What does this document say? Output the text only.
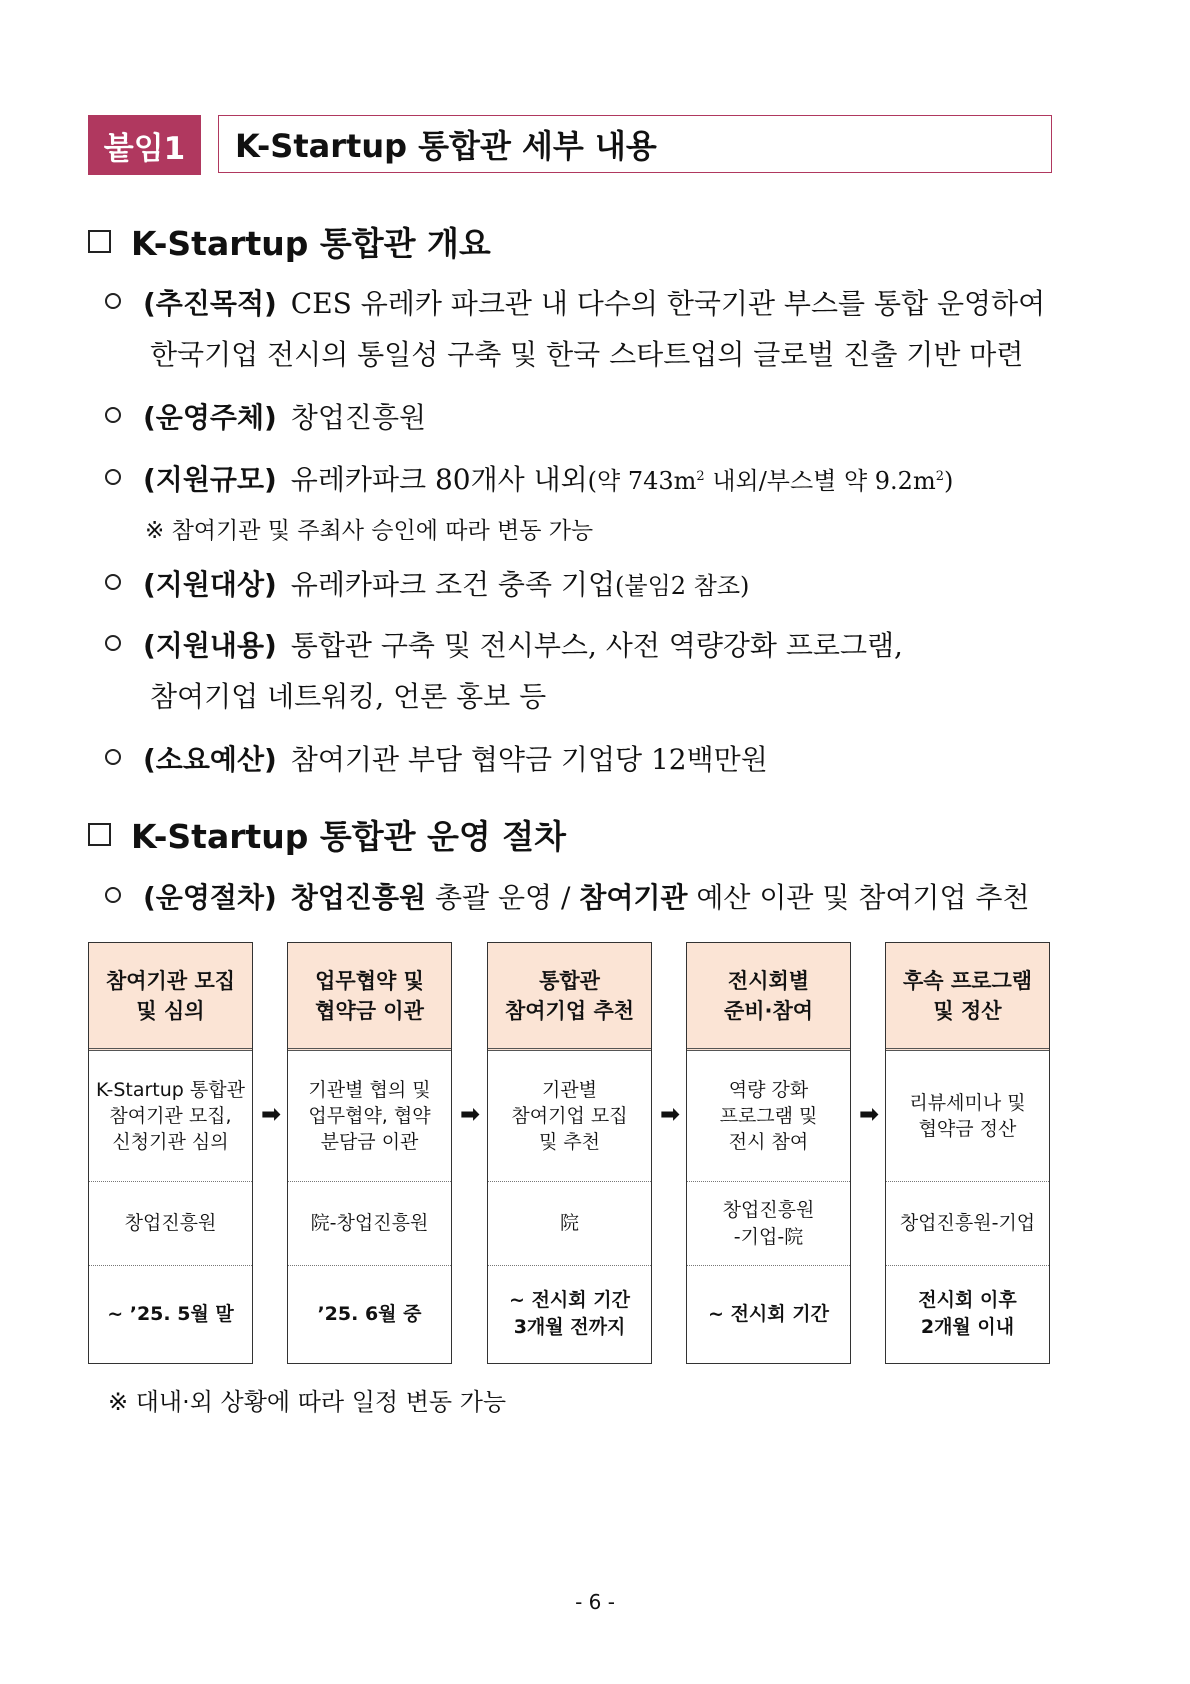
붙임1	K-Startup 통합관 세부 내용
K-Startup 통합관 개요
(추진목적) CES 유레카 파크관 내 다수의 한국기관 부스를 통합 운영하여
한국기업 전시의 통일성 구축 및 한국 스타트업의 글로벌 진출 기반 마련
(운영주체) 창업진흥원
(지원규모) 유레카파크 80개사 내외 (약 $743m^2$ 내외/부스별 약 $9.2m^2$)
※ 참여기관 및 주최사 승인에 따라 변동 가능
(지원대상) 유레카파크 조건 충족 기업 (붙임2 참조)
(지원내용) 통합관 구축 및 전시부스, 사전 역량강화 프로그램,
참여기업 네트워킹, 언론 홍보 등
(소요예산) 참여기관 부담 협약금 기업당 12백만원
K-Startup 통합관 운영 절차
(운영절차) 창업진흥원 총괄 운영 / 참여기관 예산 이관 및 참여기업 추천
참여기관 모집
및 심의
K-Startup 통합관
참여기관 모집,
신청기관 심의
창업진흥원
~ ’25. 5월 말
➡
업무협약 및
협약금 이관
기관별 협의 및
업무협약, 협약
분담금 이관
院-창업진흥원
’25. 6월 중
➡
통합관
참여기업 추천
기관별
참여기업 모집
및 추천
院
~ 전시회 기간
3개월 전까지
➡
전시회별
준비·참여
역량 강화
프로그램 및
전시 참여
창업진흥원
-기업-院
~ 전시회 기간
➡
후속 프로그램
및 정산
리뷰세미나 및
협약금 정산
창업진흥원-기업
전시회 이후
2개월 이내
※ 대내·외 상황에 따라 일정 변동 가능
- 6 -
